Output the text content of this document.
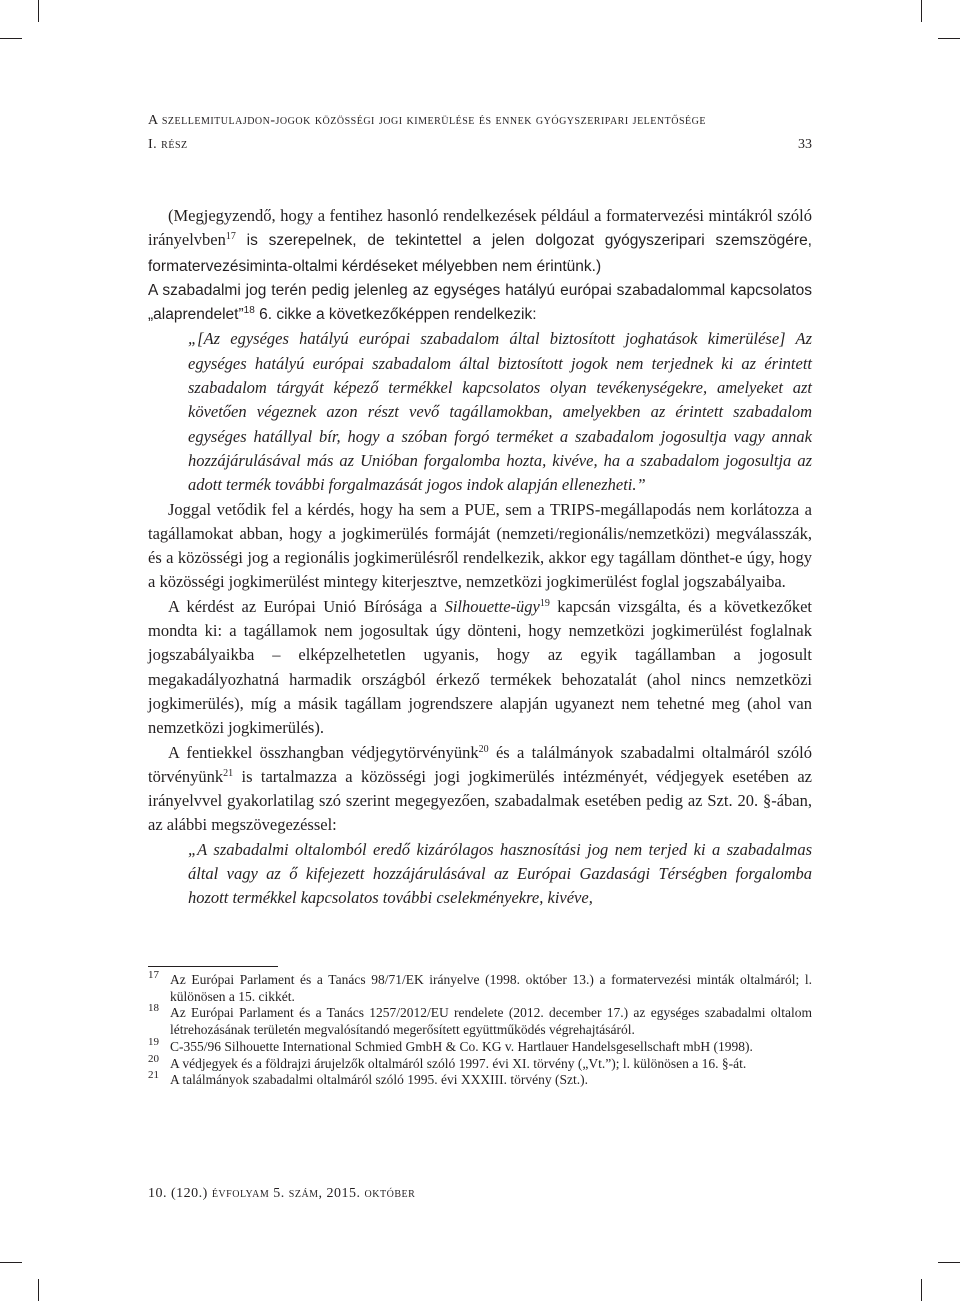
A szellemitulajdon-jogok közösségi jogi kimerülése és ennek gyógyszeripari jelentősége
33
I. rész

(Megjegyzendő, hogy a fentihez hasonló rendelkezések például a formatervezési mintákról szóló irányelvben$^{17}$ is szerepelnek, de tekintettel a jelen dolgozat gyógyszeripari szemszögére, formatervezésiminta-oltalmi kérdéseket mélyebben nem érintünk.)

A szabadalmi jog terén pedig jelenleg az egységes hatályú európai szabadalommal kapcsolatos „alaprendelet”$^{18}$ 6. cikke a következőképpen rendelkezik:

„[Az egységes hatályú európai szabadalom által biztosított joghatások kimerülése] Az egységes hatályú európai szabadalom által biztosított jogok nem terjednek ki az érintett szabadalom tárgyát képező termékkel kapcsolatos olyan tevékenységekre, amelyeket azt követően végeznek azon részt vevő tagállamokban, amelyekben az érintett szabadalom egységes hatállyal bír, hogy a szóban forgó terméket a szabadalom jogosultja vagy annak hozzájárulásával más az Unióban forgalomba hozta, kivéve, ha a szabadalom jogosultja az adott termék további forgalmazását jogos indok alapján ellenezheti.”

Joggal vetődik fel a kérdés, hogy ha sem a PUE, sem a TRIPS-megállapodás nem korlátozza a tagállamokat abban, hogy a jogkimerülés formáját (nemzeti/regionális/nemzetközi) megválasszák, és a közösségi jog a regionális jogkimerülésről rendelkezik, akkor egy tagállam dönthet-e úgy, hogy a közösségi jogkimerülést mintegy kiterjesztve, nemzetközi jogkimerülést foglal jogszabályaiba.

A kérdést az Európai Unió Bírósága a Silhouette-ügy$^{19}$ kapcsán vizsgálta, és a következőket mondta ki: a tagállamok nem jogosultak úgy dönteni, hogy nemzetközi jogkimerülést foglalnak jogszabályaikba – elképzelhetetlen ugyanis, hogy az egyik tagállamban a jogosult megakadályozhatná harmadik országból érkező termékek behozatalát (ahol nincs nemzetközi jogkimerülés), míg a másik tagállam jogrendszere alapján ugyanezt nem tehetné meg (ahol van nemzetközi jogkimerülés).

A fentiekkel összhangban védjegytörvényünk$^{20}$ és a találmányok szabadalmi oltalmáról szóló törvényünk$^{21}$ is tartalmazza a közösségi jogi jogkimerülés intézményét, védjegyek esetében az irányelvvel gyakorlatilag szó szerint megegyezően, szabadalmak esetében pedig az Szt. 20. §-ában, az alábbi megszövegezéssel:

„A szabadalmi oltalomból eredő kizárólagos hasznosítási jog nem terjed ki a szabadalmas által vagy az ő kifejezett hozzájárulásával az Európai Gazdasági Térségben forgalomba hozott termékkel kapcsolatos további cselekményekre, kivéve,

17 Az Európai Parlament és a Tanács 98/71/EK irányelve (1998. október 13.) a formatervezési minták oltalmáról; l. különösen a 15. cikkét.
18 Az Európai Parlament és a Tanács 1257/2012/EU rendelete (2012. december 17.) az egységes szabadalmi oltalom létrehozásának területén megvalósítandó megerősített együttműködés végrehajtásáról.
19 C-355/96 Silhouette International Schmied GmbH & Co. KG v. Hartlauer Handelsgesellschaft mbH (1998).
20 A védjegyek és a földrajzi árujelzők oltalmáról szóló 1997. évi XI. törvény („Vt.”); l. különösen a 16. §-át.
21 A találmányok szabadalmi oltalmáról szóló 1995. évi XXXIII. törvény (Szt.).
10. (120.) évfolyam 5. szám, 2015. október
